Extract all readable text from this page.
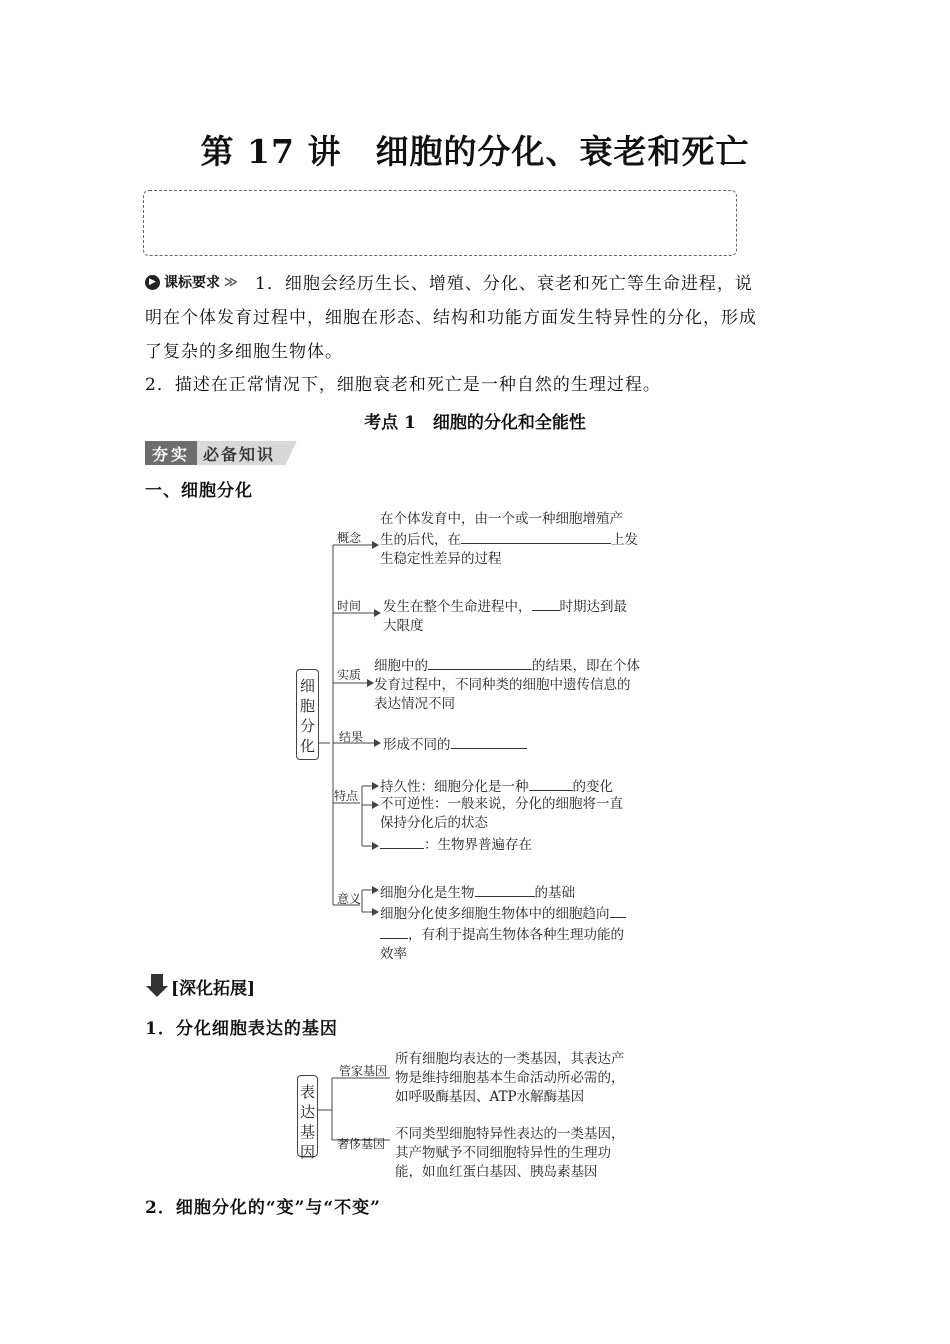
第 17 讲　细胞的分化、衰老和死亡
▶ 课标要求 ≫	1．细胞会经历生长、增殖、分化、衰老和死亡等生命进程，说
明在个体发育过程中，细胞在形态、结构和功能方面发生特异性的分化，形成
了复杂的多细胞生物体。
2．描述在正常情况下，细胞衰老和死亡是一种自然的生理过程。
考点 1　细胞的分化和全能性
夯实 必备知识
一、细胞分化
细胞分化
概念
在个体发育中，由一个或一种细胞增殖产
生的后代，在	上发
生稳定性差异的过程
时间 发生在整个生命进程中， 时期达到最
大限度
实质
细胞中的	的结果，即在个体
发育过程中，不同种类的细胞中遗传信息的
表达情况不同
结果 形成不同的
特点
持久性：细胞分化是一种	的变化
不可逆性：一般来说，分化的细胞将一直
保持分化后的状态
：生物界普遍存在
意义 细胞分化是生物	的基础
细胞分化使多细胞生物体中的细胞趋向
，有利于提高生物体各种生理功能的
效率
[深化拓展]
1．分化细胞表达的基因
表达基因
管家基因
所有细胞均表达的一类基因，其表达产
物是维持细胞基本生命活动所必需的，
如呼吸酶基因、ATP水解酶基因
奢侈基因
不同类型细胞特异性表达的一类基因，
其产物赋予不同细胞特异性的生理功
能，如血红蛋白基因、胰岛素基因
2．细胞分化的“变”与“不变”
